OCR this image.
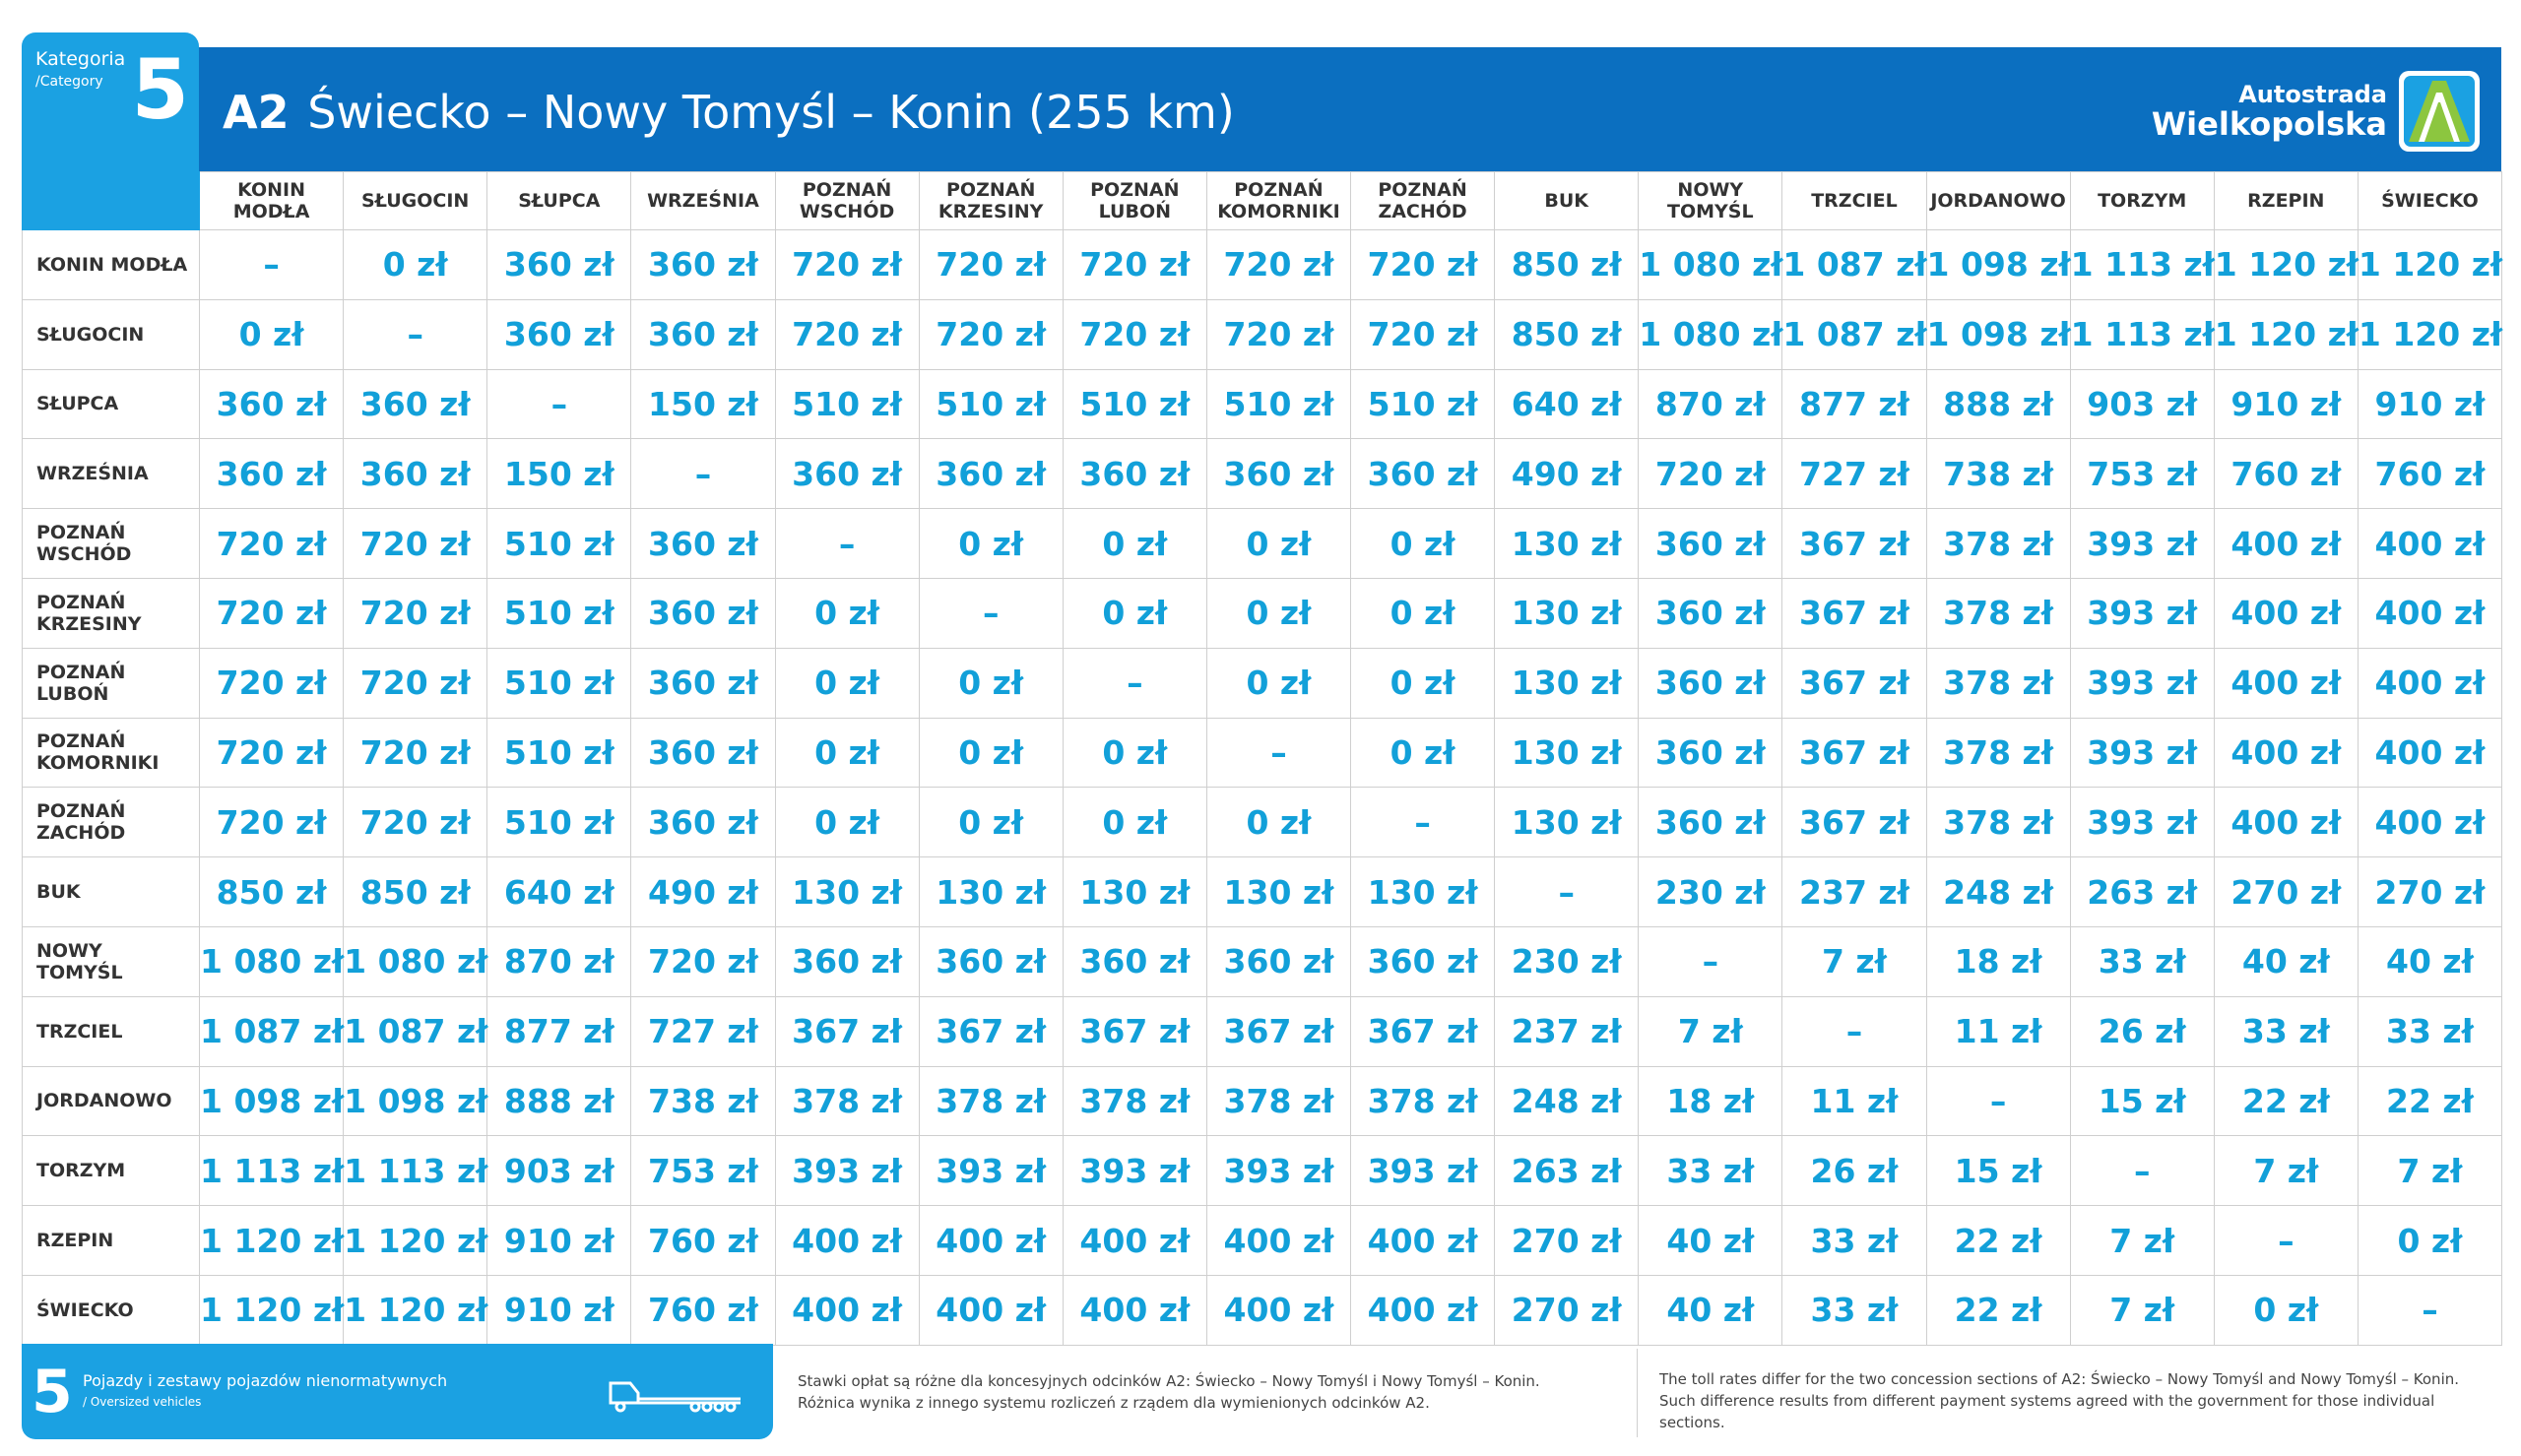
Kategoria
/Category 5 A2 Świecko – Nowy Tomyśl – Konin (255 km)	Autostrada
Wielkopolska
	KONIN
MODŁA	SŁUGOCIN	SŁUPCA	WRZEŚNIA	POZNAŃ
WSCHÓD	POZNAŃ
KRZESINY	POZNAŃ
LUBOŃ	POZNAŃ
KOMORNIKI	POZNAŃ
ZACHÓD	BUK	NOWY
TOMYŚL	TRZCIEL	JORDANOWO	TORZYM	RZEPIN	ŚWIECKO
KONIN MODŁA	–	0 zł	360 zł	360 zł	720 zł	720 zł	720 zł	720 zł	720 zł	850 zł	1 080 zł	1 087 zł	1 098 zł	1 113 zł	1 120 zł	1 120 zł
SŁUGOCIN	0 zł	–	360 zł	360 zł	720 zł	720 zł	720 zł	720 zł	720 zł	850 zł	1 080 zł	1 087 zł	1 098 zł	1 113 zł	1 120 zł	1 120 zł
SŁUPCA	360 zł	360 zł	–	150 zł	510 zł	510 zł	510 zł	510 zł	510 zł	640 zł	870 zł	877 zł	888 zł	903 zł	910 zł	910 zł
WRZEŚNIA	360 zł	360 zł	150 zł	–	360 zł	360 zł	360 zł	360 zł	360 zł	490 zł	720 zł	727 zł	738 zł	753 zł	760 zł	760 zł
POZNAŃ
WSCHÓD	720 zł	720 zł	510 zł	360 zł	–	0 zł	0 zł	0 zł	0 zł	130 zł	360 zł	367 zł	378 zł	393 zł	400 zł	400 zł
POZNAŃ
KRZESINY	720 zł	720 zł	510 zł	360 zł	0 zł	–	0 zł	0 zł	0 zł	130 zł	360 zł	367 zł	378 zł	393 zł	400 zł	400 zł
POZNAŃ
LUBOŃ	720 zł	720 zł	510 zł	360 zł	0 zł	0 zł	–	0 zł	0 zł	130 zł	360 zł	367 zł	378 zł	393 zł	400 zł	400 zł
POZNAŃ
KOMORNIKI	720 zł	720 zł	510 zł	360 zł	0 zł	0 zł	0 zł	–	0 zł	130 zł	360 zł	367 zł	378 zł	393 zł	400 zł	400 zł
POZNAŃ
ZACHÓD	720 zł	720 zł	510 zł	360 zł	0 zł	0 zł	0 zł	0 zł	–	130 zł	360 zł	367 zł	378 zł	393 zł	400 zł	400 zł
BUK	850 zł	850 zł	640 zł	490 zł	130 zł	130 zł	130 zł	130 zł	130 zł	–	230 zł	237 zł	248 zł	263 zł	270 zł	270 zł
NOWY
TOMYŚL	1 080 zł	1 080 zł	870 zł	720 zł	360 zł	360 zł	360 zł	360 zł	360 zł	230 zł	–	7 zł	18 zł	33 zł	40 zł	40 zł
TRZCIEL	1 087 zł	1 087 zł	877 zł	727 zł	367 zł	367 zł	367 zł	367 zł	367 zł	237 zł	7 zł	–	11 zł	26 zł	33 zł	33 zł
JORDANOWO	1 098 zł	1 098 zł	888 zł	738 zł	378 zł	378 zł	378 zł	378 zł	378 zł	248 zł	18 zł	11 zł	–	15 zł	22 zł	22 zł
TORZYM	1 113 zł	1 113 zł	903 zł	753 zł	393 zł	393 zł	393 zł	393 zł	393 zł	263 zł	33 zł	26 zł	15 zł	–	7 zł	7 zł
RZEPIN	1 120 zł	1 120 zł	910 zł	760 zł	400 zł	400 zł	400 zł	400 zł	400 zł	270 zł	40 zł	33 zł	22 zł	7 zł	–	0 zł
ŚWIECKO	1 120 zł	1 120 zł	910 zł	760 zł	400 zł	400 zł	400 zł	400 zł	400 zł	270 zł	40 zł	33 zł	22 zł	7 zł	0 zł	–
5 Pojazdy i zestawy pojazdów nienormatywnych
/ Oversized vehicles
Stawki opłat są różne dla koncesyjnych odcinków A2: Świecko – Nowy Tomyśl i Nowy Tomyśl – Konin.
Różnica wynika z innego systemu rozliczeń z rządem dla wymienionych odcinków A2.
The toll rates differ for the two concession sections of A2: Świecko – Nowy Tomyśl and Nowy Tomyśl – Konin.
Such difference results from different payment systems agreed with the government for those individual sections.
